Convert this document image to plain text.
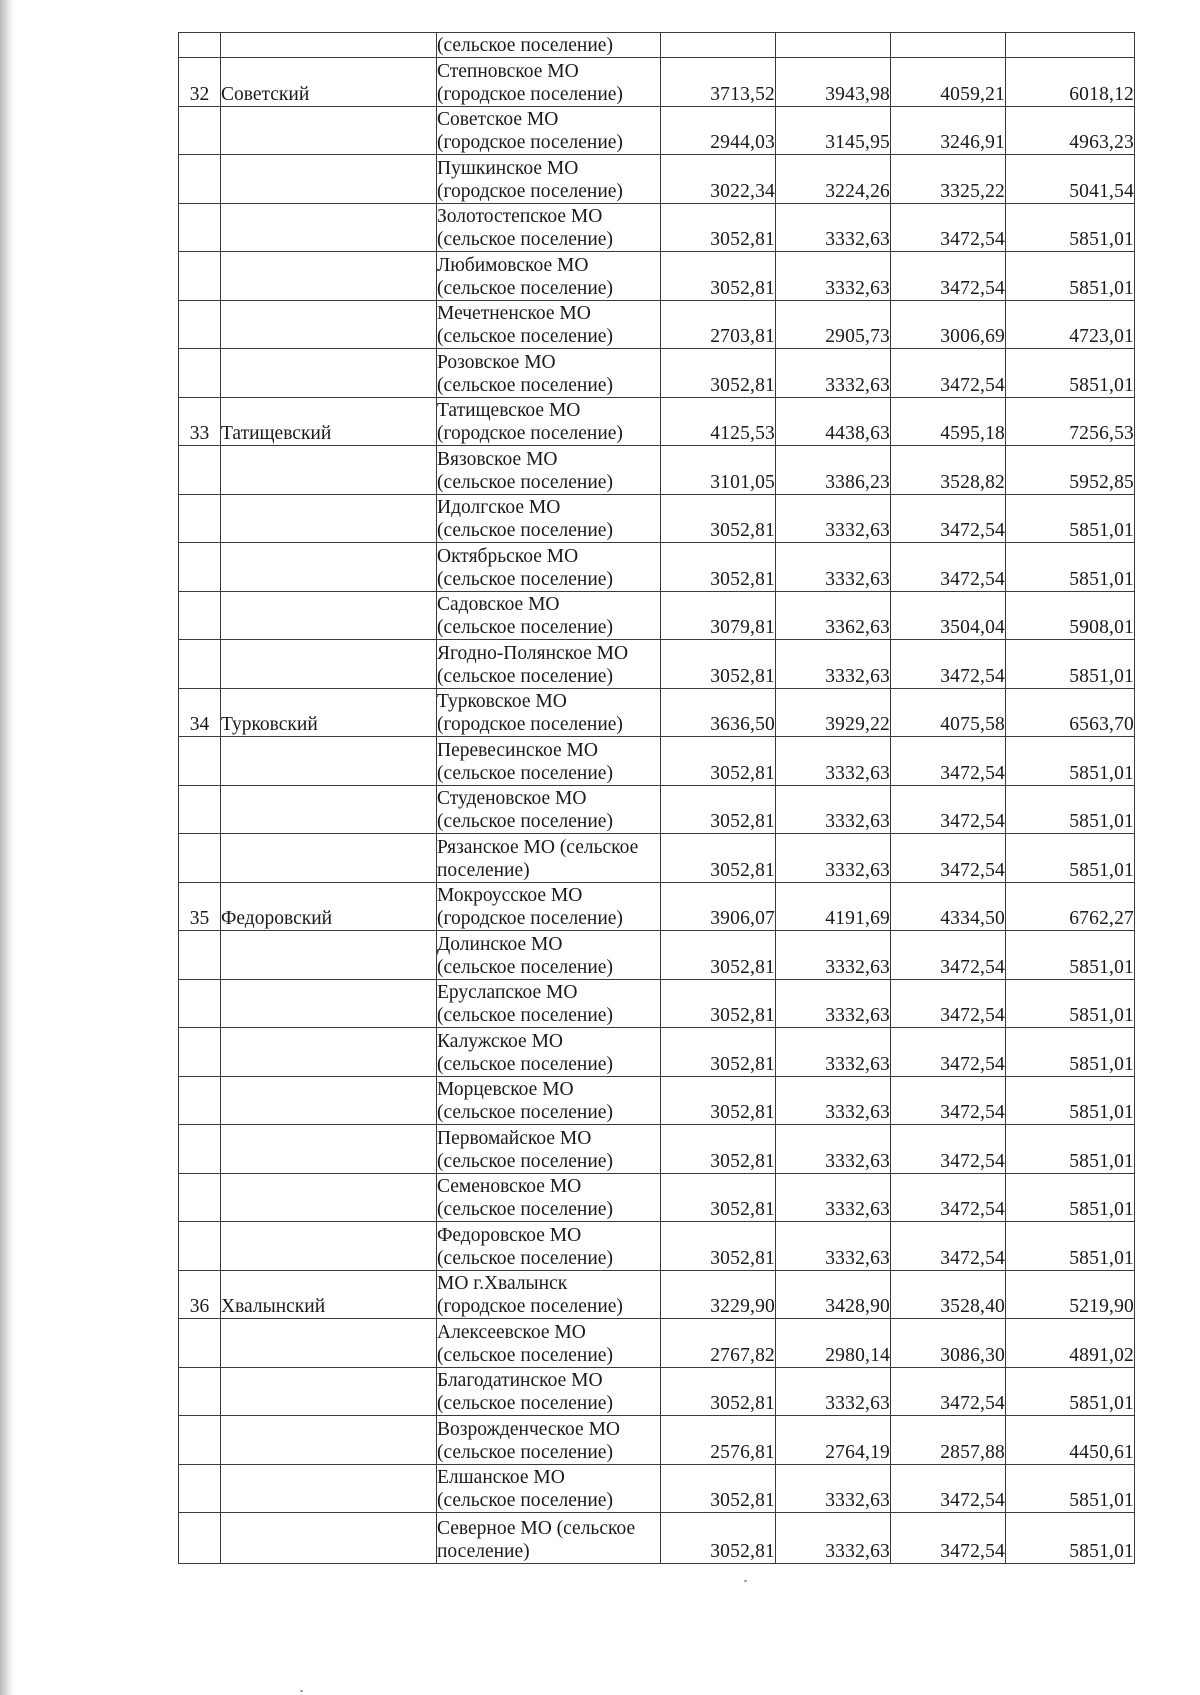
		(сельское поселение)				

32	Советский	Степновское МО
(городское поселение)	3713,52	3943,98	4059,21	6018,12

		Советское МО
(городское поселение)	2944,03	3145,95	3246,91	4963,23

		Пушкинское МО
(городское поселение)	3022,34	3224,26	3325,22	5041,54

		Золотостепское МО
(сельское поселение)	3052,81	3332,63	3472,54	5851,01

		Любимовское МО
(сельское поселение)	3052,81	3332,63	3472,54	5851,01

		Мечетненское МО
(сельское поселение)	2703,81	2905,73	3006,69	4723,01

		Розовское МО
(сельское поселение)	3052,81	3332,63	3472,54	5851,01
33	Татищевский	Татищевское МО
(городское поселение)	4125,53	4438,63	4595,18	7256,53

		Вязовское МО
(сельское поселение)	3101,05	3386,23	3528,82	5952,85

		Идолгское МО
(сельское поселение)	3052,81	3332,63	3472,54	5851,01

		Октябрьское МО
(сельское поселение)	3052,81	3332,63	3472,54	5851,01

		Садовское МО
(сельское поселение)	3079,81	3362,63	3504,04	5908,01

		Ягодно-Полянское МО
(сельское поселение)	3052,81	3332,63	3472,54	5851,01
34	Турковский	Турковское МО
(городское поселение)	3636,50	3929,22	4075,58	6563,70

		Перевесинское МО
(сельское поселение)	3052,81	3332,63	3472,54	5851,01

		Студеновское МО
(сельское поселение)	3052,81	3332,63	3472,54	5851,01

		Рязанское МО (сельское
поселение)	3052,81	3332,63	3472,54	5851,01
35	Федоровский	Мокроусское МО
(городское поселение)	3906,07	4191,69	4334,50	6762,27

		Долинское МО
(сельское поселение)	3052,81	3332,63	3472,54	5851,01

		Еруслапское МО
(сельское поселение)	3052,81	3332,63	3472,54	5851,01

		Калужское МО
(сельское поселение)	3052,81	3332,63	3472,54	5851,01

		Морцевское МО
(сельское поселение)	3052,81	3332,63	3472,54	5851,01

		Первомайское МО
(сельское поселение)	3052,81	3332,63	3472,54	5851,01

		Семеновское МО
(сельское поселение)	3052,81	3332,63	3472,54	5851,01

		Федоровское МО
(сельское поселение)	3052,81	3332,63	3472,54	5851,01
36	Хвалынский	МО г.Хвалынск
(городское поселение)	3229,90	3428,90	3528,40	5219,90

		Алексеевское МО
(сельское поселение)	2767,82	2980,14	3086,30	4891,02

		Благодатинское МО
(сельское поселение)	3052,81	3332,63	3472,54	5851,01

		Возрожденческое МО
(сельское поселение)	2576,81	2764,19	2857,88	4450,61

		Елшанское МО
(сельское поселение)	3052,81	3332,63	3472,54	5851,01

		Северное МО (сельское
поселение)	3052,81	3332,63	3472,54	5851,01
